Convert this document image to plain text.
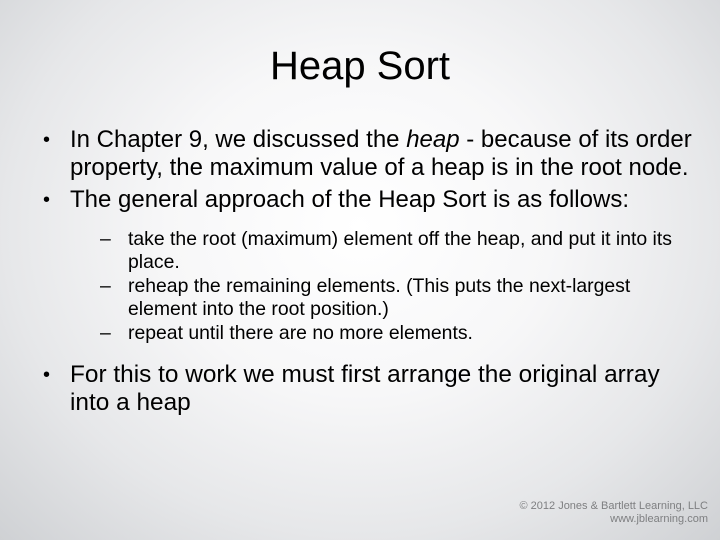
Heap Sort
• In Chapter 9, we discussed the heap - because of its order property, the maximum value of a heap is in the root node.
• The general approach of the Heap Sort is as follows:
– take the root (maximum) element off the heap, and put it into its place.
– reheap the remaining elements. (This puts the next-largest element into the root position.)
– repeat until there are no more elements.
• For this to work we must first arrange the original array into a heap
© 2012 Jones & Bartlett Learning, LLC
www.jblearning.com
